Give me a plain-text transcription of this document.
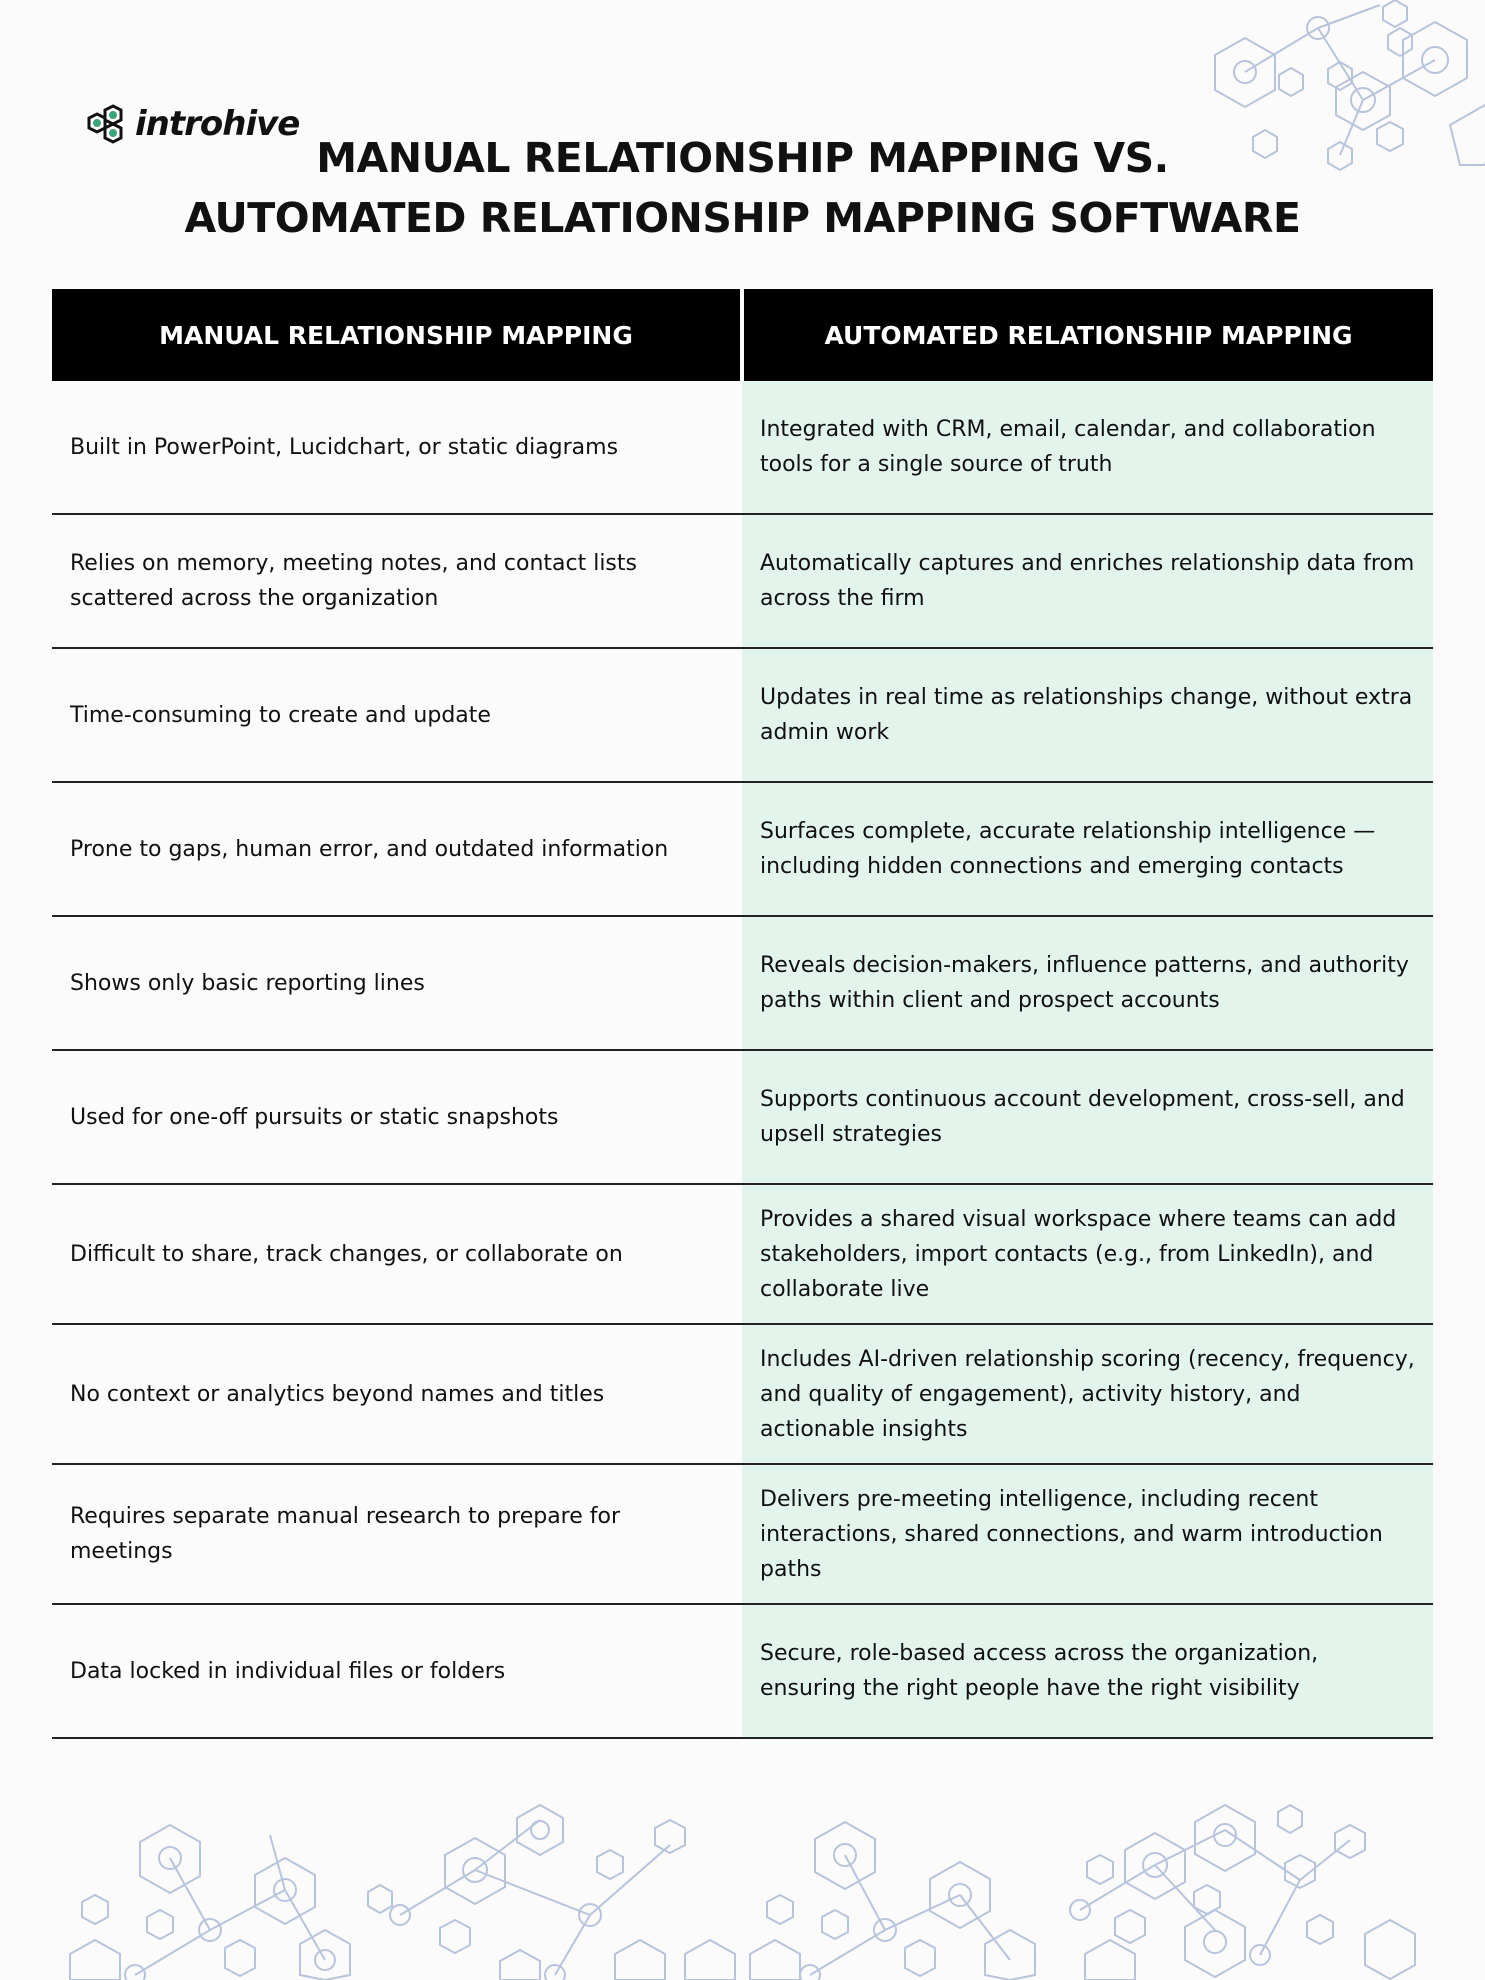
introhive
MANUAL RELATIONSHIP MAPPING VS.
AUTOMATED RELATIONSHIP MAPPING SOFTWARE
MANUAL RELATIONSHIP MAPPING	AUTOMATED RELATIONSHIP MAPPING
Built in PowerPoint, Lucidchart, or static diagrams
Integrated with CRM, email, calendar, and collaboration tools for a single source of truth
Relies on memory, meeting notes, and contact lists scattered across the organization
Automatically captures and enriches relationship data from across the firm
Time-consuming to create and update
Updates in real time as relationships change, without extra admin work
Prone to gaps, human error, and outdated information
Surfaces complete, accurate relationship intelligence — including hidden connections and emerging contacts
Shows only basic reporting lines
Reveals decision-makers, influence patterns, and authority paths within client and prospect accounts
Used for one-off pursuits or static snapshots
Supports continuous account development, cross-sell, and upsell strategies
Difficult to share, track changes, or collaborate on
Provides a shared visual workspace where teams can add stakeholders, import contacts (e.g., from LinkedIn), and collaborate live
No context or analytics beyond names and titles
Includes AI-driven relationship scoring (recency, frequency, and quality of engagement), activity history, and actionable insights
Requires separate manual research to prepare for meetings
Delivers pre-meeting intelligence, including recent interactions, shared connections, and warm introduction paths
Data locked in individual files or folders
Secure, role-based access across the organization, ensuring the right people have the right visibility
